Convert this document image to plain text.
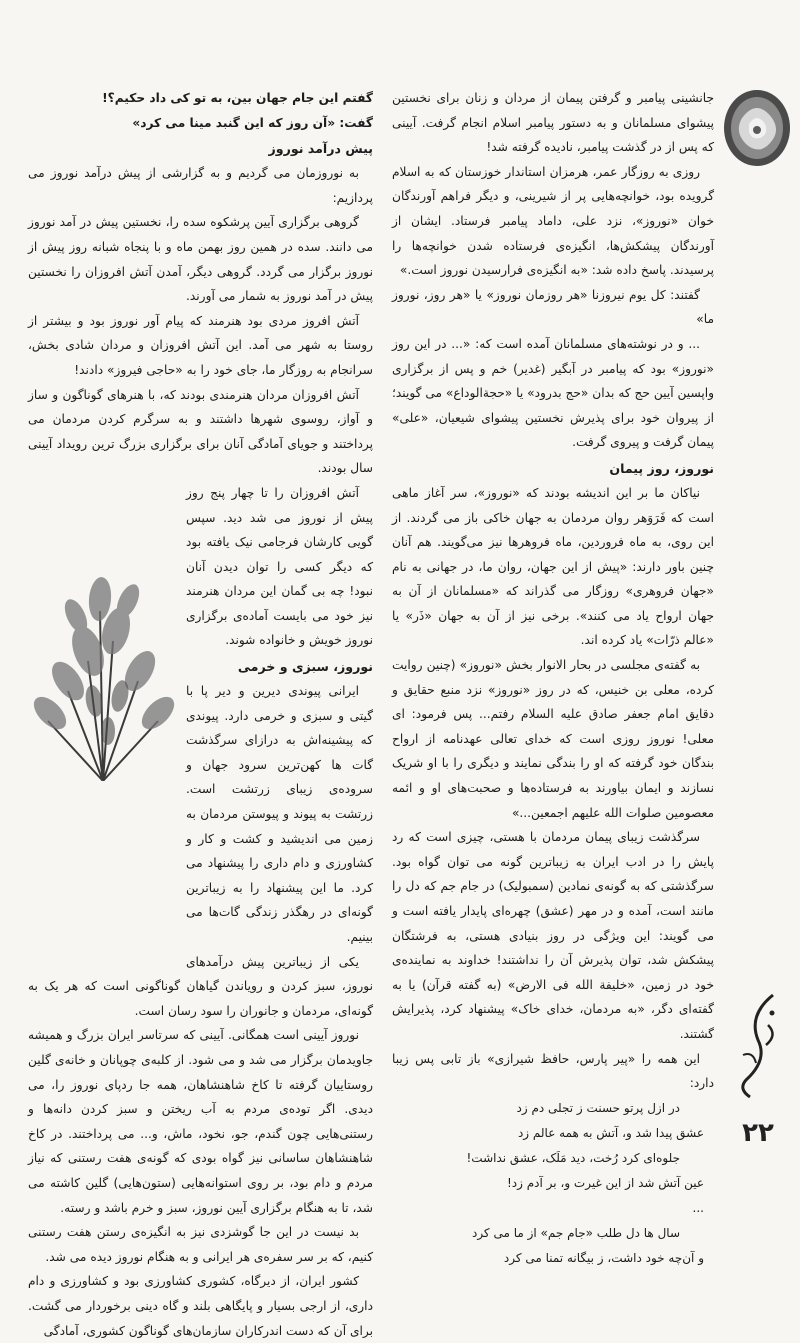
جانشینی پیامبر و گرفتن پیمان از مردان و زنان برای نخستین پیشوای مسلمانان و به دستور پیامبر اسلام انجام گرفت. آیینی که پس از در گذشت پیامبر، نادیده گرفته شد!

روزی به روزگار عمر، هرمزان استاندار خوزستان که به اسلام گرویده بود، خوانچه‌هایی پر از شیرینی، و دیگر فراهم آورندگان خوان «نوروز»، نزد علی، داماد پیامبر فرستاد. ایشان از آورندگان پیشکش‌ها، انگیزه‌ی فرستاده شدن خوانچه‌ها را پرسیدند. پاسخ داده شد: «به انگیزه‌ی فرارسیدن نوروز است.»

گفتند: کل یوم نیروزنا «هر روزمان نوروز» یا «هر روز، نوروز ما»

... و در نوشته‌های مسلمانان آمده است که: «... در این روز «نوروز» بود که پیامبر در آبگیر (غدیر) خم و پس از برگزاری واپسین آیین حج که بدان «حج بدرود» یا «حجة‌الوداع» می گویند؛ از پیروان خود برای پذیرش نخستین پیشوای شیعیان، «علی» پیمان گرفت و پیروی گرفت.

نوروز، روز پیمان

نیاکان ما بر این اندیشه بودند که «نوروز»، سر آغاز ماهی است که فَرَوَهر روان مردمان به جهان خاکی باز می گردند. از این روی، به ماه فروردین، ماه فروهرها نیز می‌گویند. هم آنان چنین باور دارند: «پیش از این جهان، روان ما، در جهانی به نام «جهان فروهری» روزگار می گذراند که «مسلمانان از آن به جهان ارواح یاد می کنند». برخی نیز از آن به جهان «ذَر» یا «عالم ذرّات» یاد کرده اند.

به گفته‌ی مجلسی در بحار الانوار بخش «نوروز» (چنین روایت کرده، معلی بن خنیس، که در روز «نوروز» نزد منبع حقایق و دقایق امام جعفر صادق علیه السلام رفتم... پس فرمود: ای معلی! نوروز روزی است که خدای تعالی عهدنامه از ارواح بندگان خود گرفته که او را بندگی نمایند و دیگری را با او شریک نسازند و ایمان بیاورند به فرستاده‌ها و صحبت‌های او و ائمه معصومین صلوات الله علیهم اجمعین...»

سرگذشت زیبای پیمان مردمان با هستی، چیزی است که رد پایش را در ادب ایران به زیباترین گونه می توان گواه بود. سرگذشتی که به گونه‌ی نمادین (سمبولیک) در جام جم که دل را مانند است، آمده و در مهر (عشق) چهره‌ای پایدار یافته است و می گویند: این ویژگی در روز بنیادی هستی، به فرشتگان پیشکش شد، توان پذیرش آن را نداشتند! خداوند به نماینده‌ی خود در زمین، «خلیفة الله فی الارض» (به گفته قرآن) یا به گفته‌ای دگر، «به مردمان، خدای خاک» پیشنهاد کرد، پذیرایش گشتند.

این همه را «پیر پارس، حافظ شیرازی» باز تابی پس زیبا دارد:

در ازل پرتو حسنت ز تجلی دم زد
عشق پیدا شد و، آتش به همه عالم زد
جلوه‌ای کرد رُخت، دید مَلَک، عشق نداشت!
عین آتش شد از این غیرت و، بر آدم زد!
...
سال ها دل طلب «جام جم» از ما می کرد
و آن‌چه خود داشت، ز بیگانه تمنا می کرد
گفتم این جام جهان بین، به تو کی داد حکیم؟!
گفت: «آن روز که این گنبد مینا می کرد»
پیش درآمد نوروز

به نوروزمان می گردیم و به گزارشی از پیش درآمد نوروز می پردازیم:

گروهی برگزاری آیین پرشکوه سده را، نخستین پیش در آمد نوروز می دانند. سده در همین روز بهمن ماه و با پنجاه شبانه روز پیش از نوروز برگزار می گردد. گروهی دیگر، آمدن آتش افروزان را نخستین پیش در آمد نوروز به شمار می آورند.

آتش افروز مردی بود هنرمند که پیام آور نوروز بود و بیشتر از روستا به شهر می آمد. این آتش افروزان و مردان شادی بخش، سرانجام به روزگار ما، جای خود را به «حاجی فیروز» دادند!

آتش افروزان مردان هنرمندی بودند که، با هنرهای گوناگون و ساز و آواز، روسوی شهرها داشتند و به سرگرم کردن مردمان می پرداختند و جویای آمادگی آنان برای برگزاری بزرگ ترین رویداد آیینی سال بودند.

آتش افروزان را تا چهار پنج روز پیش از نوروز می شد دید. سپس گویی کارشان فرجامی نیک یافته بود که دیگر کسی را توان دیدن آنان نبود! چه بی گمان این مردان هنرمند نیز خود می بایست آماده‌ی برگزاری نوروز خویش و خانواده شوند.

نوروز، سبزی و خرمی

ایرانی پیوندی دیرین و دیر پا با گیتی و سبزی و خرمی دارد. پیوندی که پیشینه‌اش به درازای سرگذشت گات ها کهن‌ترین سرود جهان و سروده‌ی زیبای زرتشت است. زرتشت به پیوند و پیوستن مردمان به زمین می اندیشید و کشت و کار و کشاورزی و دام داری را پیشنهاد می کرد. ما این پیشنهاد را به زیباترین گونه‌ای در رهگذر زندگی گات‌ها می بینیم.

یکی از زیباترین پیش درآمدهای نوروز، سبز کردن و رویاندن گیاهان گوناگونی است که هر یک به گونه‌ای، مردمان و جانوران را سود رسان است.

نوروز آیینی است همگانی. آیینی که سرتاسر ایران بزرگ و همیشه جاویدمان برگزار می شد و می شود. از کلبه‌ی چوپانان و خانه‌ی گلین روستاییان گرفته تا کاخ شاهنشاهان، همه جا ردپای نوروز را، می دیدی. اگر توده‌ی مردم به آب ریختن و سبز کردن دانه‌ها و رستنی‌هایی چون گندم، جو، نخود، ماش، و... می پرداختند. در کاخ شاهنشاهان ساسانی نیز گواه بودی که گونه‌ی هفت رستنی که نیاز مردم و دام بود، بر روی استوانه‌هایی (ستون‌هایی) گلین کاشته می شد، تا به هنگام برگزاری آیین نوروز، سبز و خرم باشد و رسته.

بد نیست در این جا گوشزدی نیز به انگیزه‌ی رستن هفت رستنی کنیم، که بر سر سفره‌ی هر ایرانی و به هنگام نوروز دیده می شد.

کشور ایران، از دیرگاه، کشوری کشاورزی بود و کشاورزی و دام داری، از ارجی بسیار و پایگاهی بلند و گاه دینی برخوردار می گشت. برای آن که دست اندرکاران سازمان‌های گوناگون کشوری، آمادگی

۲۲
